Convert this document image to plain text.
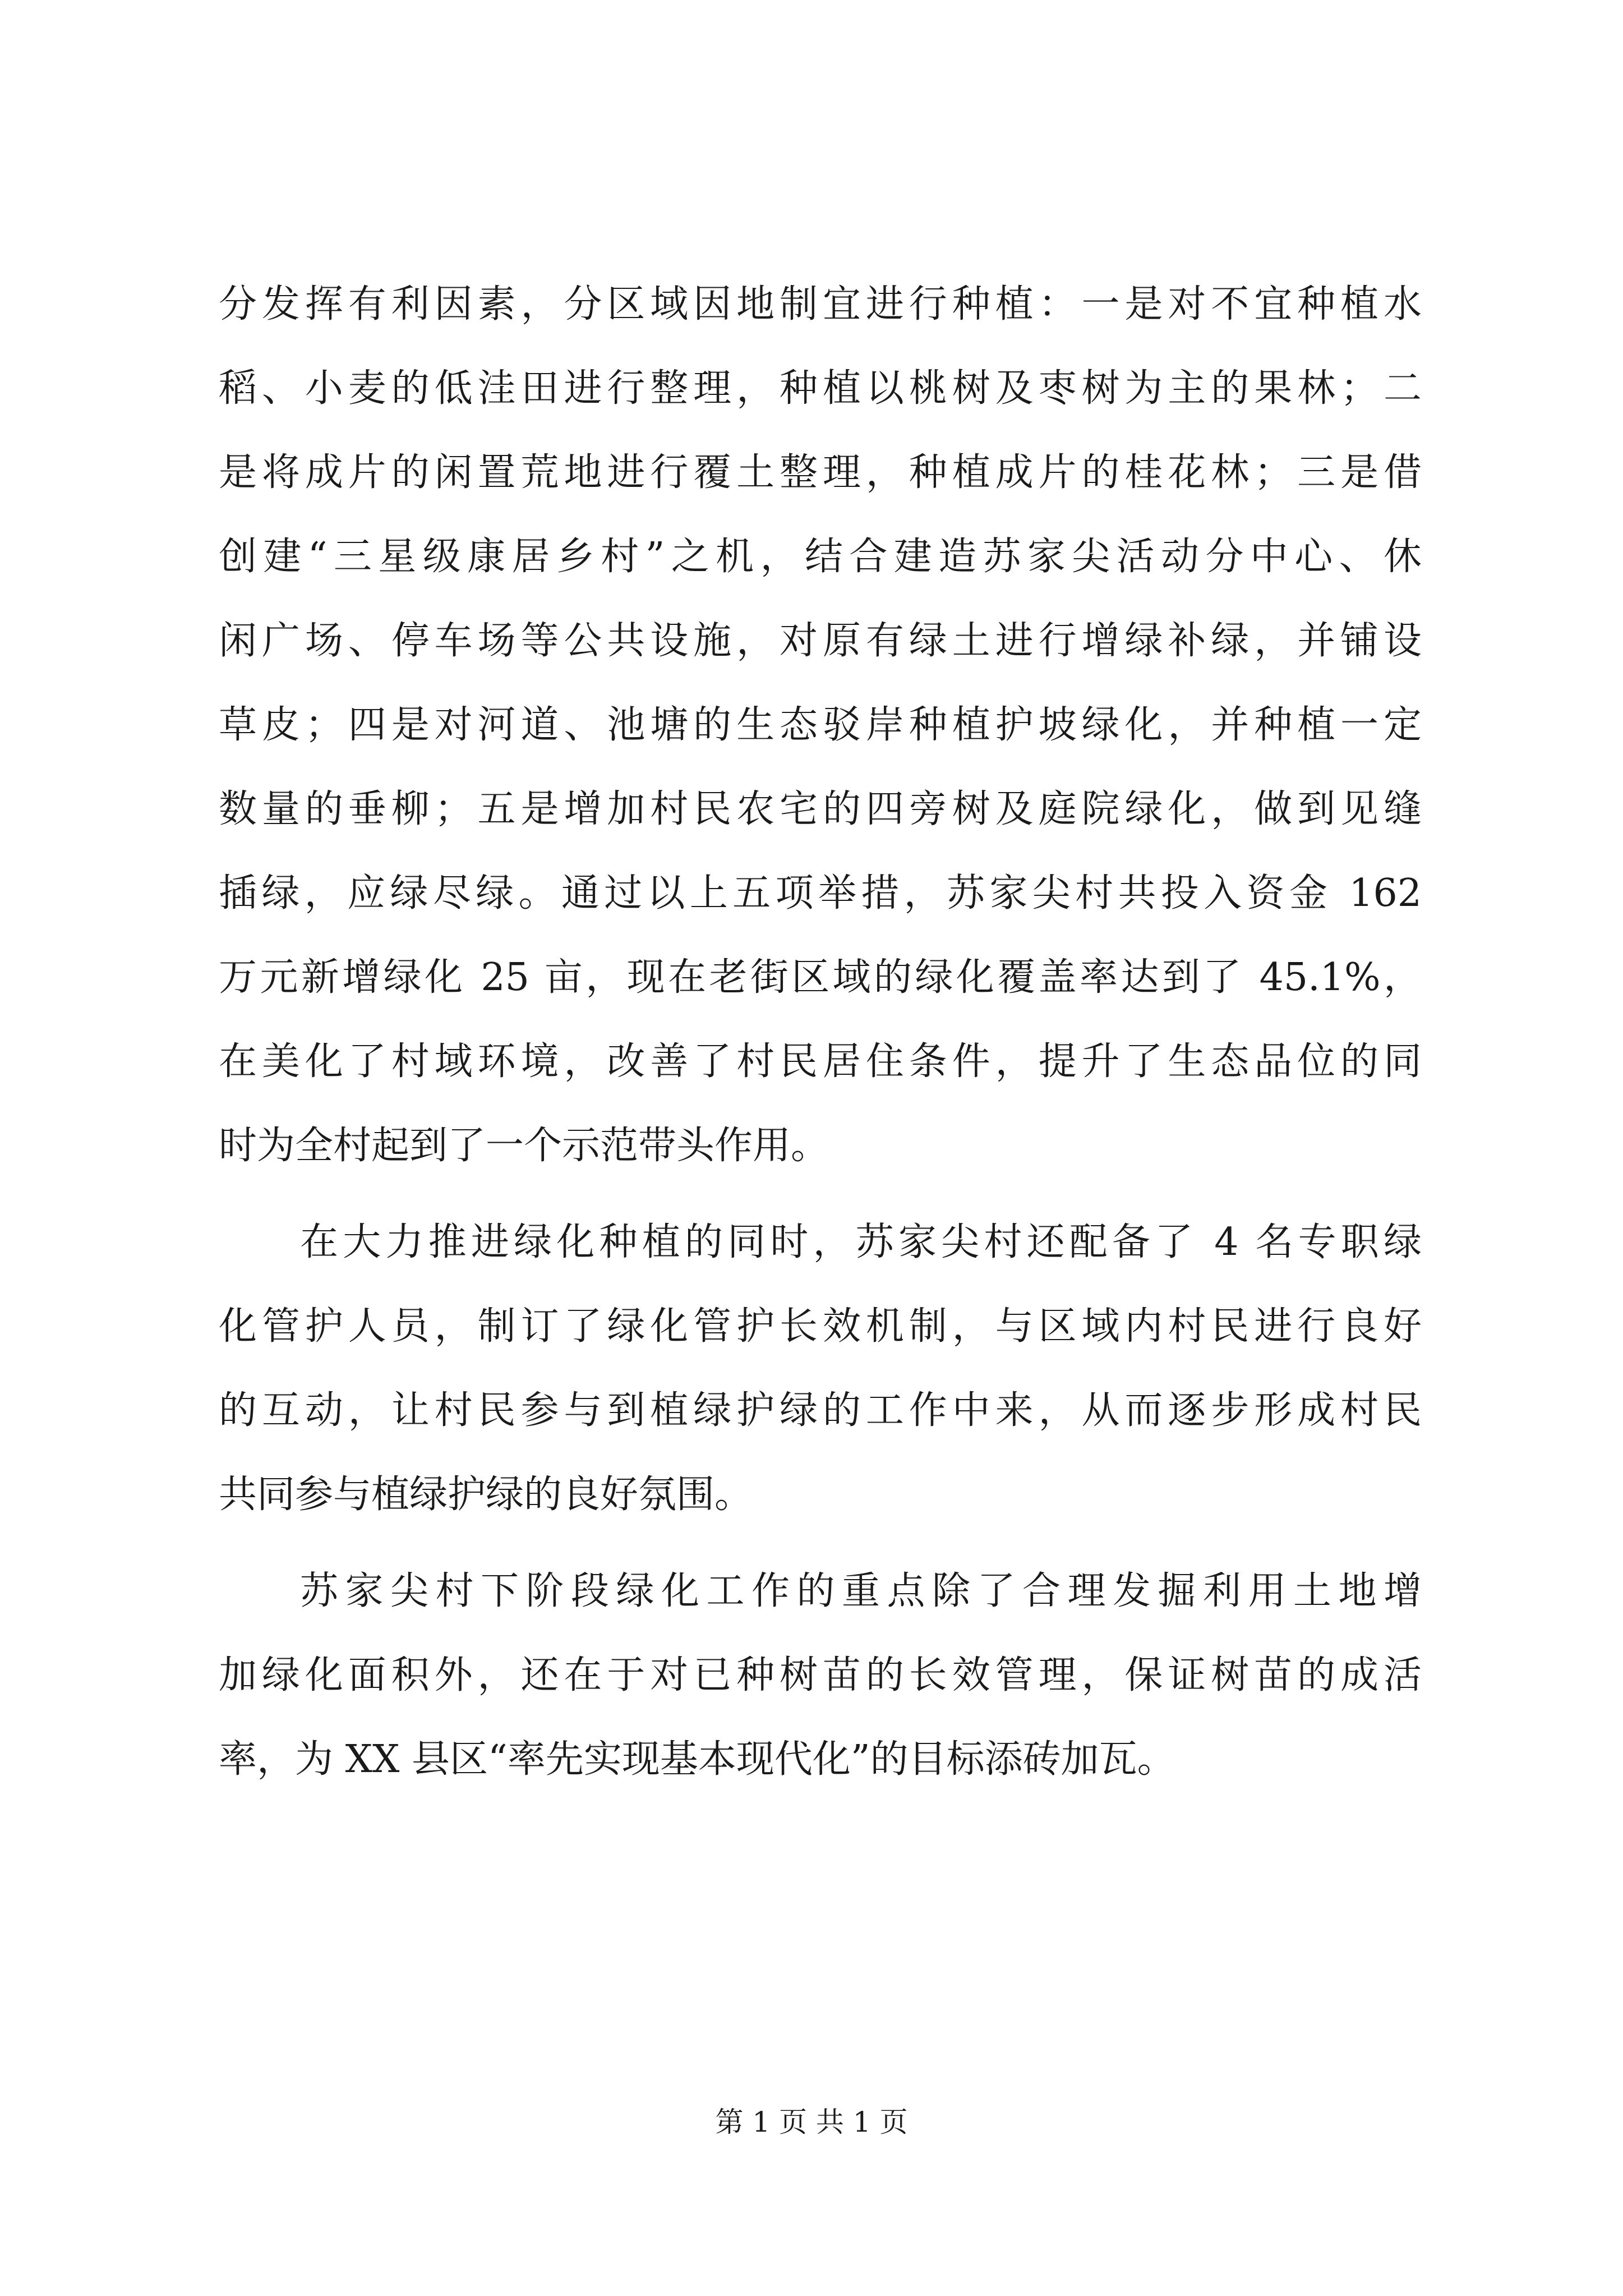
分发挥有利因素，分区域因地制宜进行种植：一是对不宜种植水
稻、小麦的低洼田进行整理，种植以桃树及枣树为主的果林；二
是将成片的闲置荒地进行覆土整理，种植成片的桂花林；三是借
创建“三星级康居乡村”之机，结合建造苏家尖活动分中心、休
闲广场、停车场等公共设施，对原有绿土进行增绿补绿，并铺设
草皮；四是对河道、池塘的生态驳岸种植护坡绿化，并种植一定
数量的垂柳；五是增加村民农宅的四旁树及庭院绿化，做到见缝
插绿，应绿尽绿。通过以上五项举措，苏家尖村共投入资金 162
万元新增绿化 25 亩，现在老街区域的绿化覆盖率达到了 45.1%，
在美化了村域环境，改善了村民居住条件，提升了生态品位的同
时为全村起到了一个示范带头作用。
在大力推进绿化种植的同时，苏家尖村还配备了 4 名专职绿
化管护人员，制订了绿化管护长效机制，与区域内村民进行良好
的互动，让村民参与到植绿护绿的工作中来，从而逐步形成村民
共同参与植绿护绿的良好氛围。
苏家尖村下阶段绿化工作的重点除了合理发掘利用土地增
加绿化面积外，还在于对已种树苗的长效管理，保证树苗的成活
率，为 XX 县区“率先实现基本现代化”的目标添砖加瓦。
第 1 页 共 1 页
